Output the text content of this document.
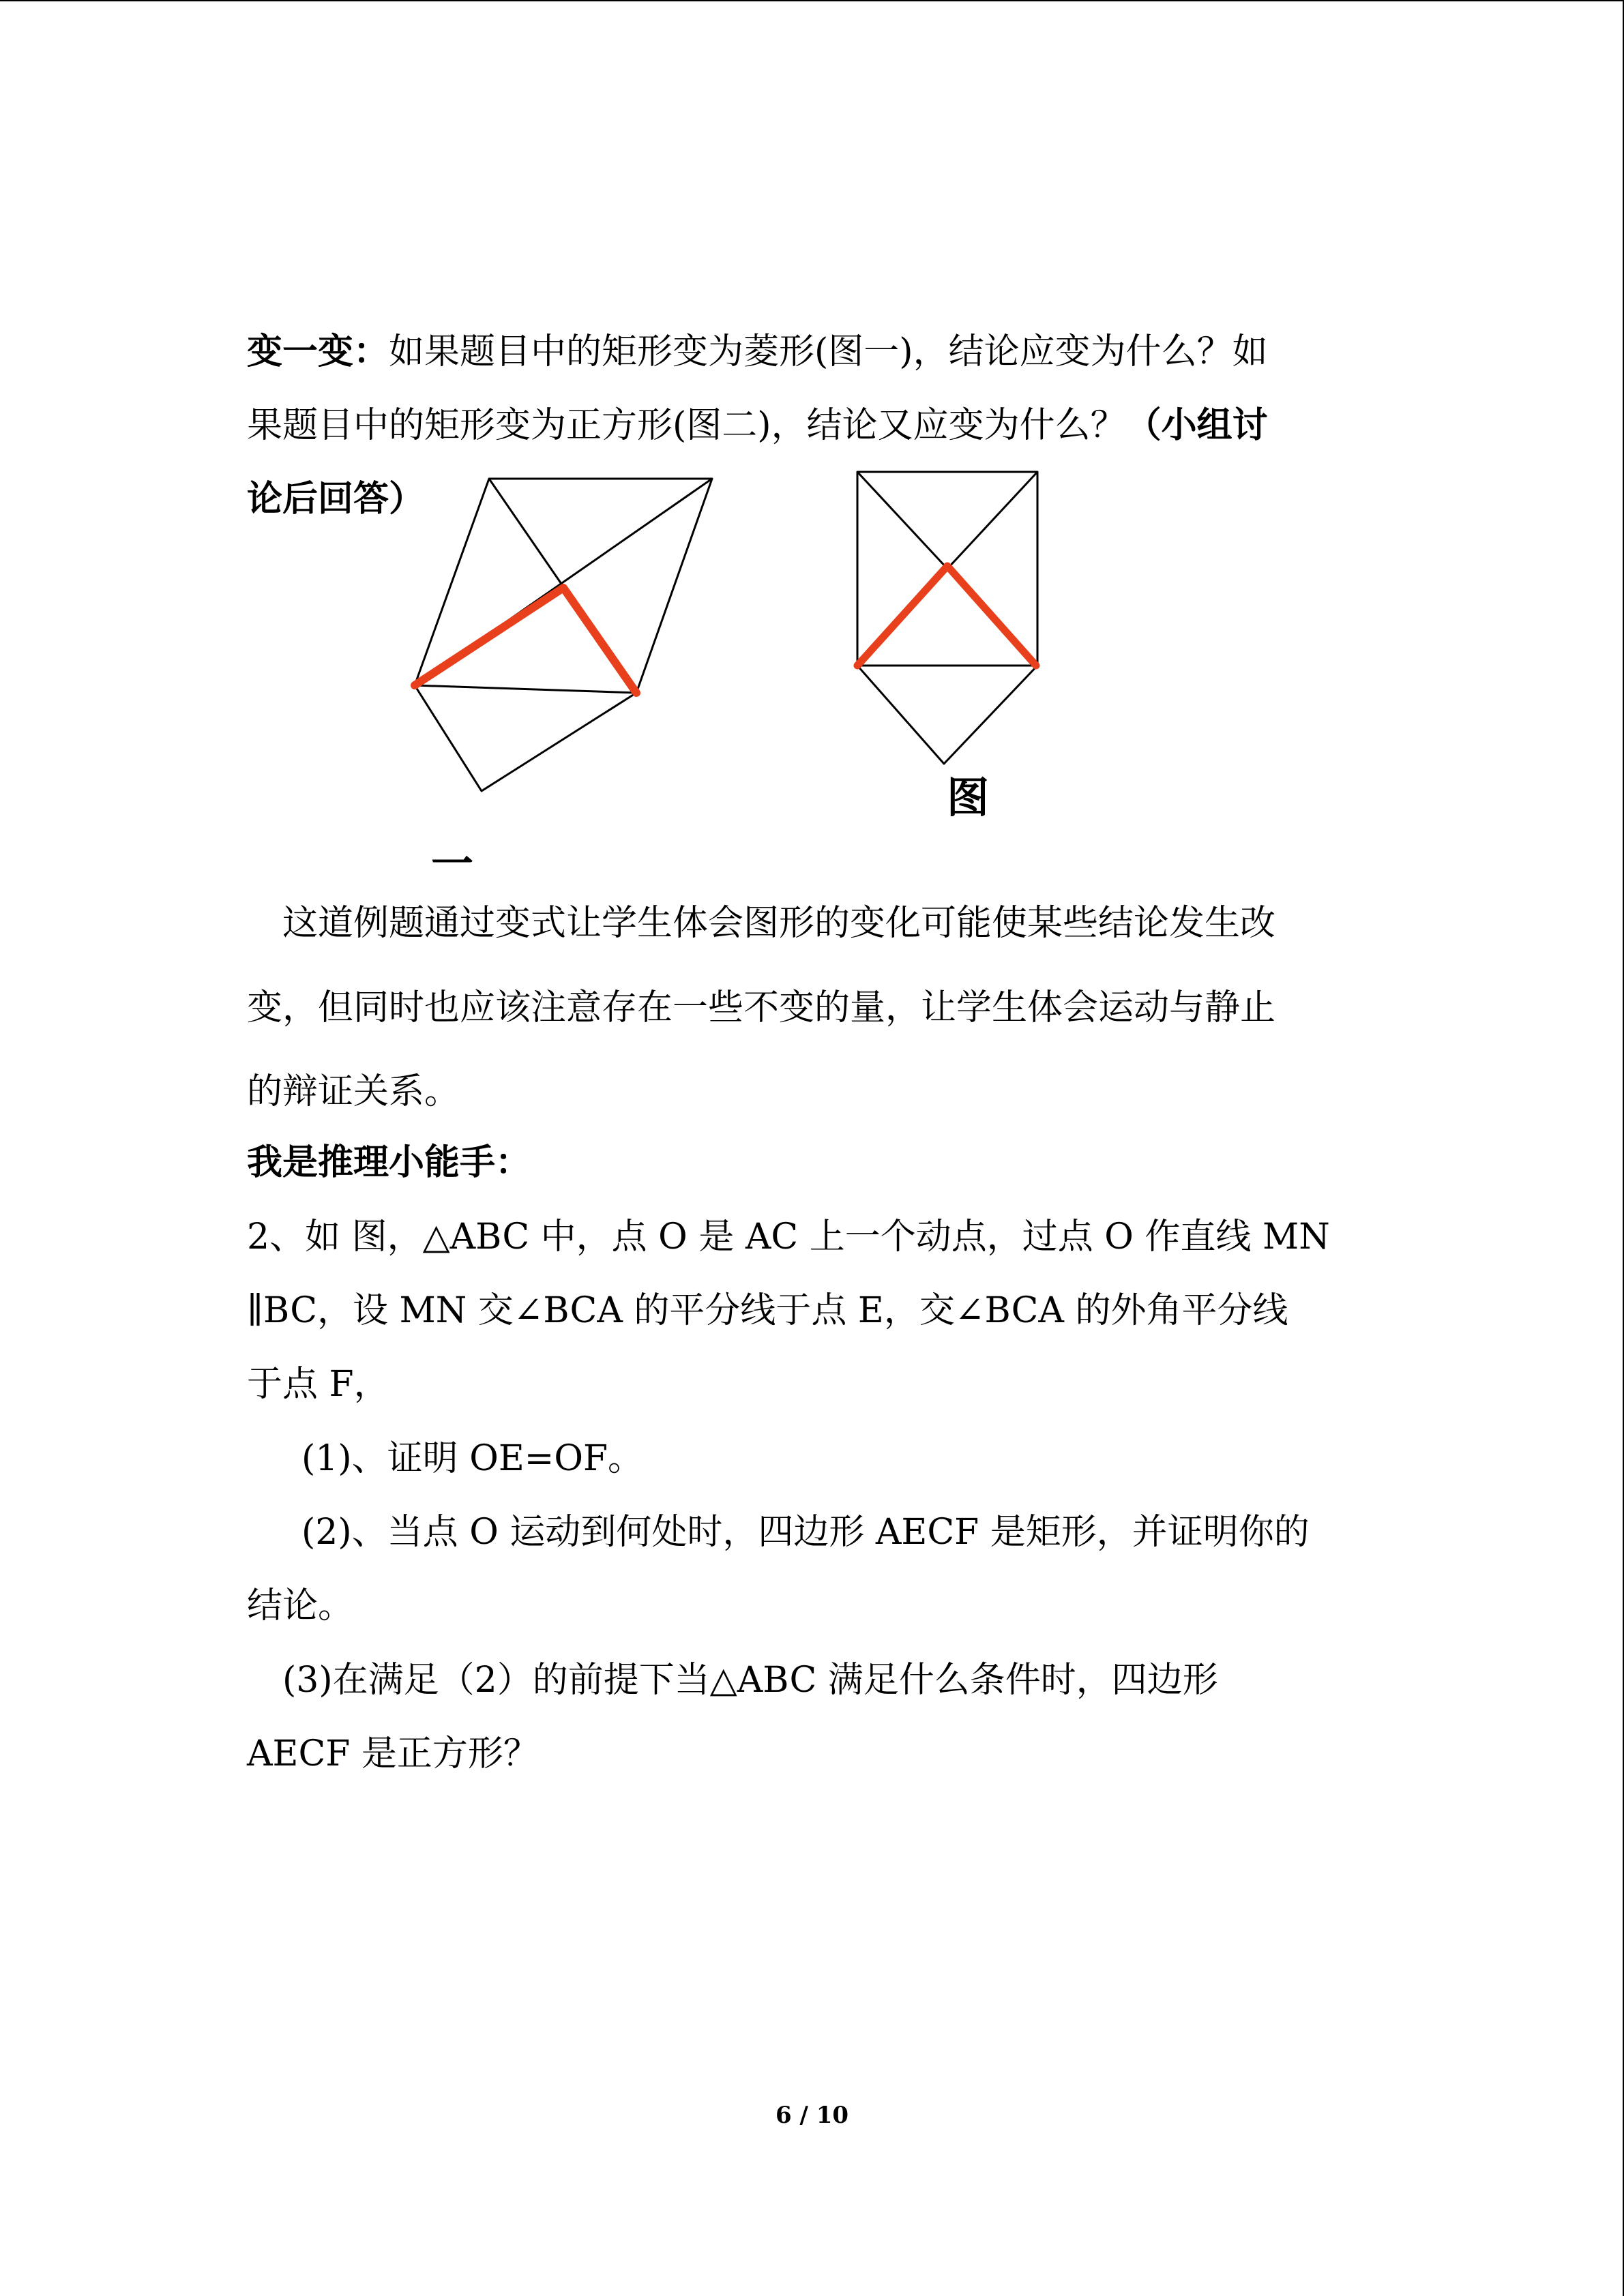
变一变：如果题目中的矩形变为菱形(图一)，结论应变为什么？如
果题目中的矩形变为正方形(图二)，结论又应变为什么？（小组讨
论后回答）
图
一
这道例题通过变式让学生体会图形的变化可能使某些结论发生改
变，但同时也应该注意存在一些不变的量，让学生体会运动与静止
的辩证关系。
我是推理小能手：
2、如 图，△ABC 中，点 O 是 AC 上一个动点，过点 O 作直线 MN
∥BC，设 MN 交∠BCA 的平分线于点 E，交∠BCA 的外角平分线
于点 F，
(1)、证明 OE=OF。
(2)、当点 O 运动到何处时，四边形 AECF 是矩形，并证明你的
结论。
(3)在满足（2）的前提下当△ABC 满足什么条件时，四边形
AECF 是正方形？
6 / 10
